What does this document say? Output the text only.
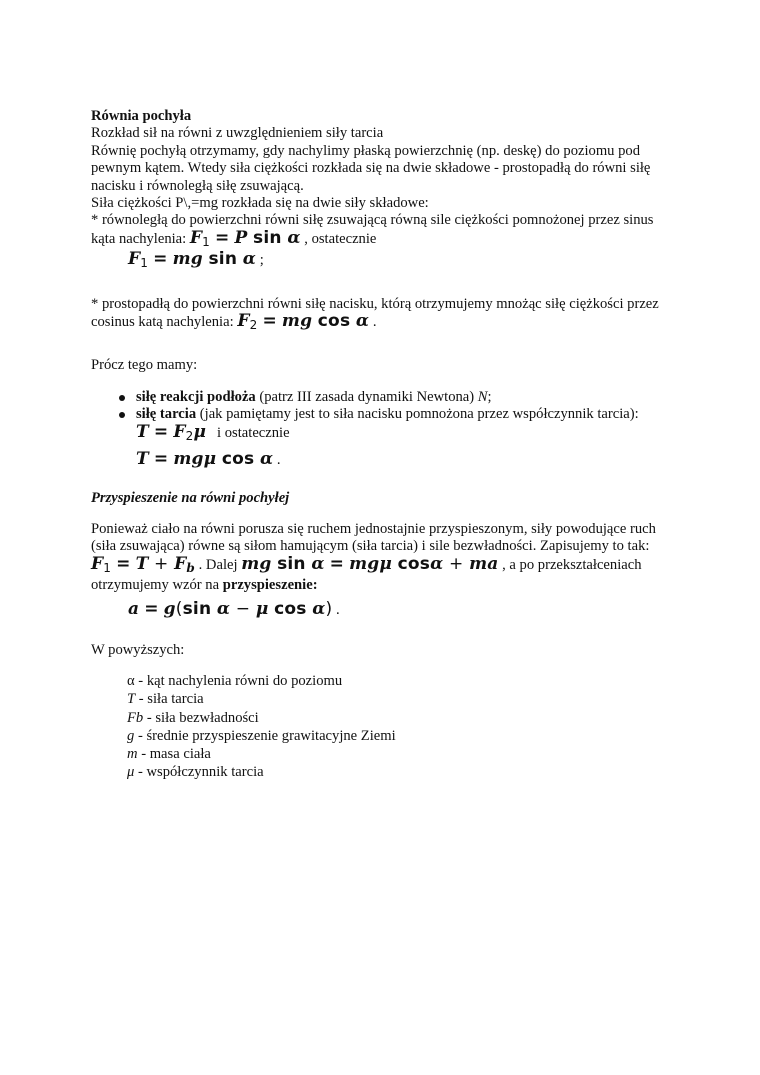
Równia pochyła

Rozkład sił na równi z uwzględnieniem siły tarcia

Równię pochyłą otrzymamy, gdy nachylimy płaską powierzchnię (np. deskę) do poziomu pod pewnym kątem. Wtedy siła ciężkości rozkłada się na dwie składowe - prostopadłą do równi siłę nacisku i równoległą siłę zsuwającą.

Siła ciężkości P\,=mg rozkłada się na dwie siły składowe:

* równoległą do powierzchni równi siłę zsuwającą równą sile ciężkości pomnożonej przez sinus kąta nachylenia: $F_1 = P$ sin α , ostatecznie
$F_1$ = mg sin α ;

* prostopadłą do powierzchni równi siłę nacisku, którą otrzymujemy mnożąc siłę ciężkości przez cosinus katą nachylenia: $F_2$ = mg cos α .

Prócz tego mamy:

siłę reakcji podłoża (patrz III zasada dynamiki Newtona) N;
siłę tarcia (jak pamiętamy jest to siła nacisku pomnożona przez współczynnik tarcia):
$T = F_2\mu$ i ostatecznie
T = mgμ cos α .

Przyspieszenie na równi pochyłej

Ponieważ ciało na równi porusza się ruchem jednostajnie przyspieszonym, siły powodujące ruch (siła zsuwająca) równe są siłom hamującym (siła tarcia) i sile bezwładności. Zapisujemy to tak: $F_1 = T + F_b$ . Dalej mg sin α = mgμ cosα + ma , a po przekształceniach otrzymujemy wzór na przyspieszenie:
a = g(sin α − μ cos α) .

W powyższych:

α - kąt nachylenia równi do poziomu
T - siła tarcia
Fb - siła bezwładności
g - średnie przyspieszenie grawitacyjne Ziemi
m - masa ciała
μ - współczynnik tarcia
